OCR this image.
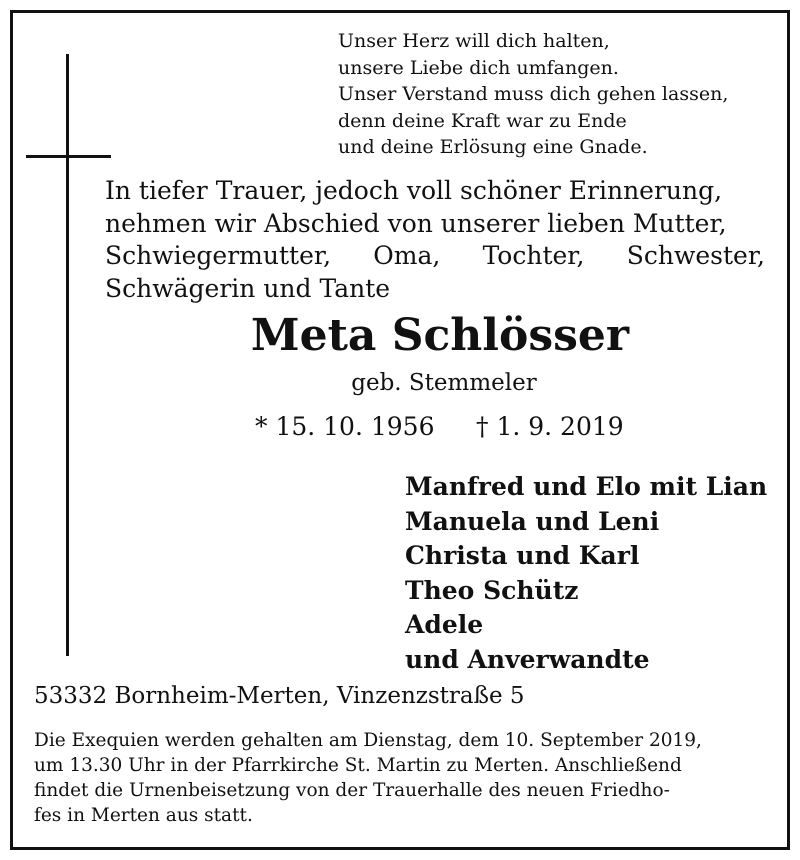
Unser Herz will dich halten,
unsere Liebe dich umfangen.
Unser Verstand muss dich gehen lassen,
denn deine Kraft war zu Ende
und deine Erlösung eine Gnade.
In tiefer Trauer, jedoch voll schöner Erinnerung,
nehmen wir Abschied von unserer lieben Mutter,
Schwiegermutter, Oma, Tochter, Schwester,
Schwägerin und Tante
Meta Schlösser
geb. Stemmeler
* 15. 10. 1956 † 1. 9. 2019
Manfred und Elo mit Lian
Manuela und Leni
Christa und Karl
Theo Schütz
Adele
und Anverwandte
53332 Bornheim-Merten, Vinzenzstraße 5
Die Exequien werden gehalten am Dienstag, dem 10. September 2019,
um 13.30 Uhr in der Pfarrkirche St. Martin zu Merten. Anschließend
findet die Urnenbeisetzung von der Trauerhalle des neuen Friedho-
fes in Merten aus statt.
